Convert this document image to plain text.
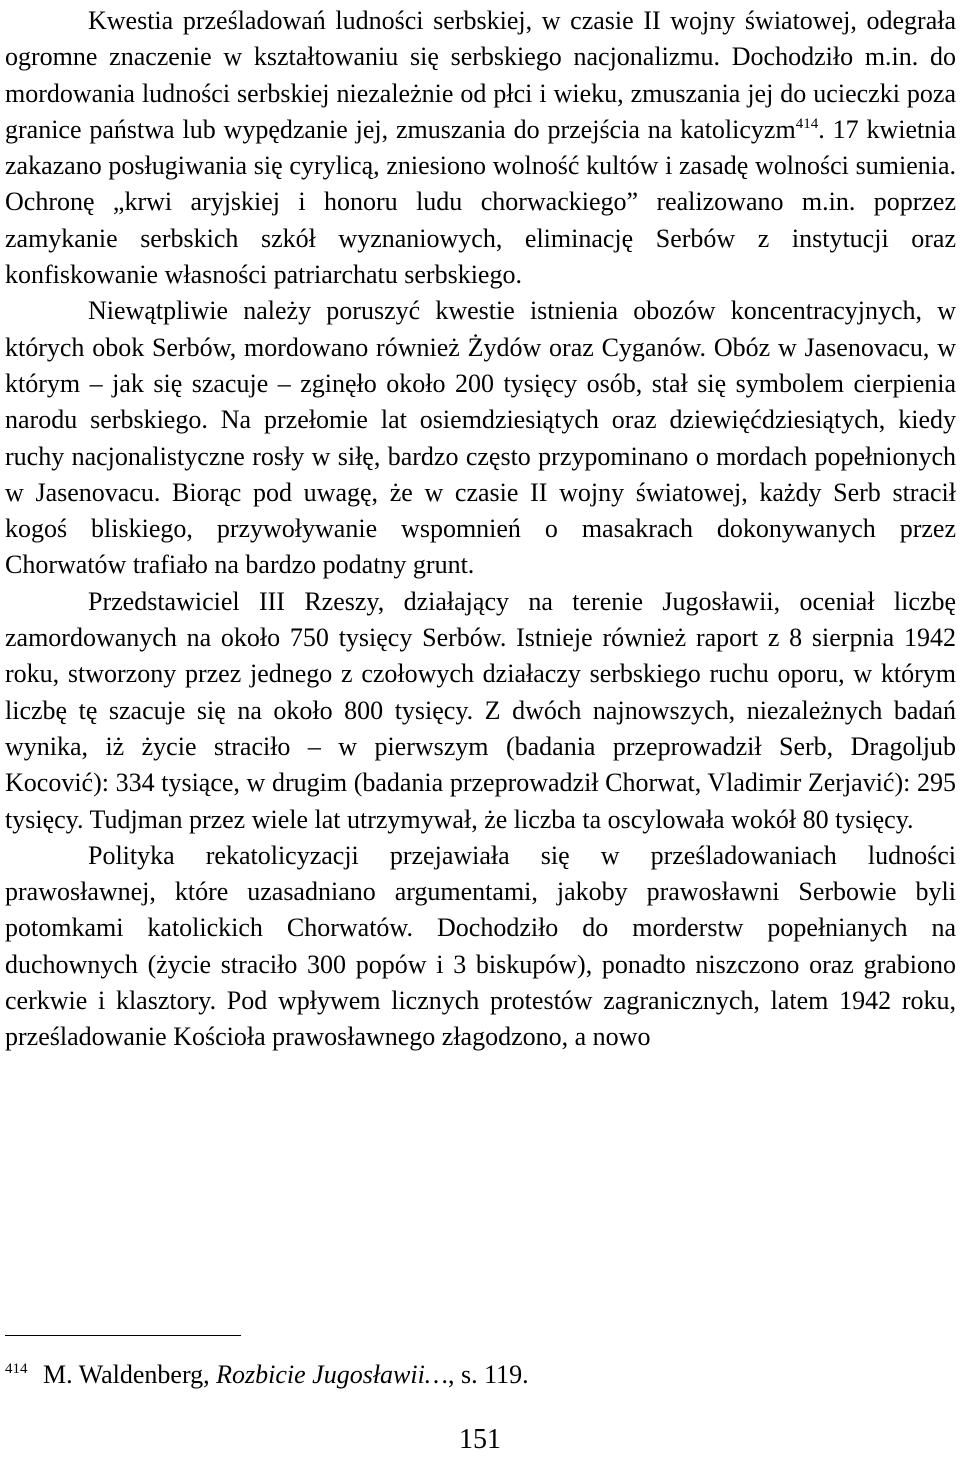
Kwestia prześladowań ludności serbskiej, w czasie II wojny światowej, odegrała ogromne znaczenie w kształtowaniu się serbskiego nacjonalizmu. Dochodziło m.in. do mordowania ludności serbskiej niezależnie od płci i wieku, zmuszania jej do ucieczki poza granice państwa lub wypędzanie jej, zmuszania do przejścia na katolicyzm$^{414}$. 17 kwietnia zakazano posługiwania się cyrylicą, zniesiono wolność kultów i zasadę wolności sumienia. Ochronę „krwi aryjskiej i honoru ludu chorwackiego” realizowano m.in. poprzez zamykanie serbskich szkół wyznaniowych, eliminację Serbów z instytucji oraz konfiskowanie własności patriarchatu serbskiego.

Niewątpliwie należy poruszyć kwestie istnienia obozów koncentracyjnych, w których obok Serbów, mordowano również Żydów oraz Cyganów. Obóz w Jasenovacu, w którym – jak się szacuje – zginęło około 200 tysięcy osób, stał się symbolem cierpienia narodu serbskiego. Na przełomie lat osiemdziesiątych oraz dziewięćdziesiątych, kiedy ruchy nacjonalistyczne rosły w siłę, bardzo często przypominano o mordach popełnionych w Jasenovacu. Biorąc pod uwagę, że w czasie II wojny światowej, każdy Serb stracił kogoś bliskiego, przywoływanie wspomnień o masakrach dokonywanych przez Chorwatów trafiało na bardzo podatny grunt.

Przedstawiciel III Rzeszy, działający na terenie Jugosławii, oceniał liczbę zamordowanych na około 750 tysięcy Serbów. Istnieje również raport z 8 sierpnia 1942 roku, stworzony przez jednego z czołowych działaczy serbskiego ruchu oporu, w którym liczbę tę szacuje się na około 800 tysięcy. Z dwóch najnowszych, niezależnych badań wynika, iż życie straciło – w pierwszym (badania przeprowadził Serb, Dragoljub Kocović): 334 tysiące, w drugim (badania przeprowadził Chorwat, Vladimir Zerjavić): 295 tysięcy. Tudjman przez wiele lat utrzymywał, że liczba ta oscylowała wokół 80 tysięcy.

Polityka rekatolicyzacji przejawiała się w prześladowaniach ludności prawosławnej, które uzasadniano argumentami, jakoby prawosławni Serbowie byli potomkami katolickich Chorwatów. Dochodziło do morderstw popełnianych na duchownych (życie straciło 300 popów i 3 biskupów), ponadto niszczono oraz grabiono cerkwie i klasztory. Pod wpływem licznych protestów zagranicznych, latem 1942 roku, prześladowanie Kościoła prawosławnego złagodzono, a nowo

414 M. Waldenberg, Rozbicie Jugosławii…, s. 119.
151
